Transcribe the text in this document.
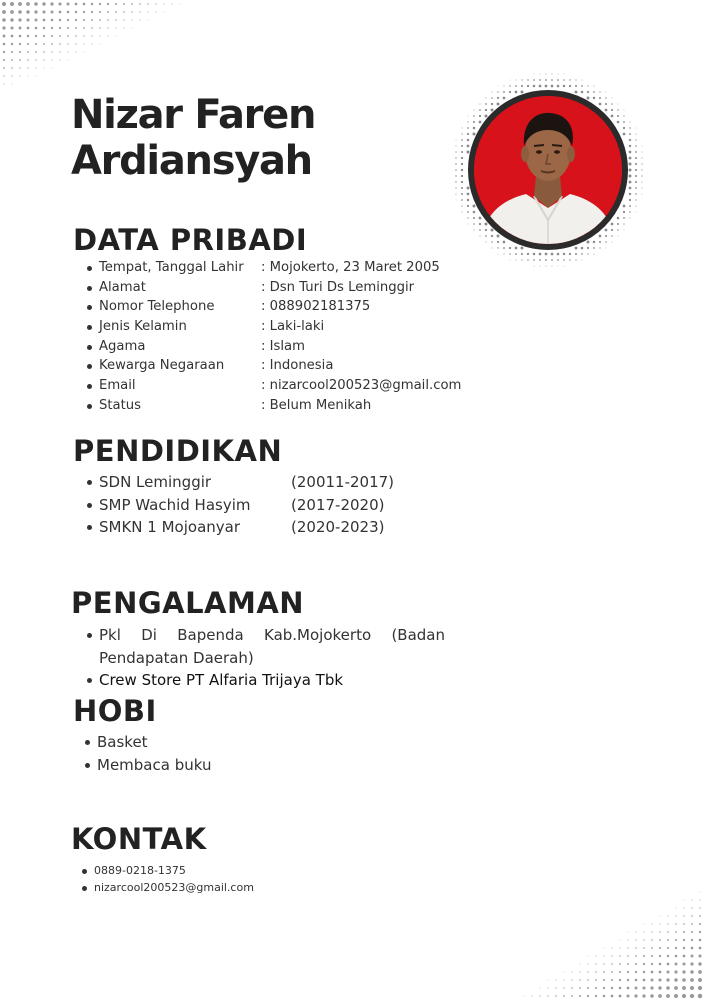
Nizar Faren
Ardiansyah
DATA PRIBADI
Tempat, Tanggal Lahir : Mojokerto, 23 Maret 2005
Alamat	: Dsn Turi Ds Leminggir
Nomor Telephone	: 088902181375
Jenis Kelamin	: Laki-laki
Agama	: Islam
Kewarga Negaraan	: Indonesia
Email	: nizarcool200523@gmail.com
Status	: Belum Menikah
PENDIDIKAN
SDN Leminggir	(20011-2017)
SMP Wachid Hasyim	(2017-2020)
SMKN 1 Mojoanyar	(2020-2023)
PENGALAMAN
Pkl Di Bapenda Kab.Mojokerto (Badan Pendapatan Daerah)
Crew Store PT Alfaria Trijaya Tbk
HOBI
Basket
Membaca buku
KONTAK
0889-0218-1375
nizarcool200523@gmail.com
